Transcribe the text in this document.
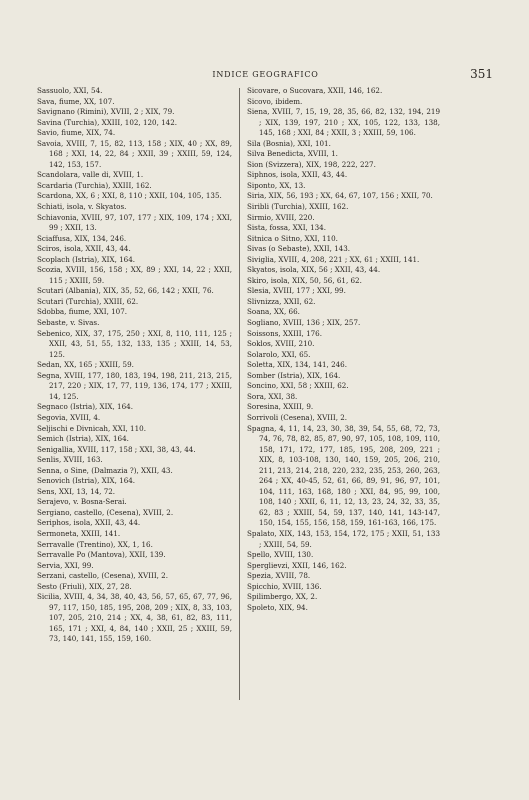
INDICE GEOGRAFICO	351
Sassuolo, XXI, 54.
Sava, fiume, XX, 107.
Savignano (Rimini), XVIII, 2 ; XIX, 79.
Savina (Turchia), XXIII, 102, 120, 142.
Savio, fiume, XIX, 74.
Savoia, XVIII, 7, 15, 82, 113, 158 ; XIX, 40 ; XX, 89, 168 ; XXI, 14, 22, 84 ; XXII, 39 ; XXIII, 59, 124, 142, 153, 157.
Scandolara, valle di, XVIII, 1.
Scardaria (Turchia), XXIII, 162.
Scardona, XX, 6 ; XXI, 8, 110 ; XXII, 104, 105, 135.
Schiati, isola, v. Skyatos.
Schiavonia, XVIII, 97, 107, 177 ; XIX, 109, 174 ; XXI, 99 ; XXII, 13.
Sciaffusa, XIX, 134, 246.
Sciros, isola, XXII, 43, 44.
Scoplach (Istria), XIX, 164.
Scozia, XVIII, 156, 158 ; XX, 89 ; XXI, 14, 22 ; XXII, 115 ; XXIII, 59.
Scutari (Albania), XIX, 35, 52, 66, 142 ; XXII, 76.
Scutari (Turchia), XXIII, 62.
Sdobba, fiume, XXI, 107.
Sebaste, v. Sivas.
Sebenico, XIX, 37, 175, 250 ; XXI, 8, 110, 111, 125 ; XXII, 43, 51, 55, 132, 133, 135 ; XXIII, 14, 53, 125.
Sedan, XX, 165 ; XXIII, 59.
Segna, XVIII, 177, 180, 183, 194, 198, 211, 213, 215, 217, 220 ; XIX, 17, 77, 119, 136, 174, 177 ; XXIII, 14, 125.
Segnaco (Istria), XIX, 164.
Segovia, XVIII, 4.
Seljischi e Divnicah, XXI, 110.
Semich (Istria), XIX, 164.
Senigallia, XVIII, 117, 158 ; XXI, 38, 43, 44.
Senlis, XVIII, 163.
Senna, o Sine, (Dalmazia ?), XXII, 43.
Senovich (Istria), XIX, 164.
Sens, XXI, 13, 14, 72.
Serajevo, v. Bosna-Serai.
Sergiano, castello, (Cesena), XVIII, 2.
Seriphos, isola, XXII, 43, 44.
Sermoneta, XXIII, 141.
Serravalle (Trentino), XX, 1, 16.
Serravalle Po (Mantova), XXII, 139.
Servia, XXI, 99.
Serzani, castello, (Cesena), XVIII, 2.
Sesto (Friuli), XIX, 27, 28.
Sicilia, XVIII, 4, 34, 38, 40, 43, 56, 57, 65, 67, 77, 96, 97, 117, 150, 185, 195, 208, 209 ; XIX, 8, 33, 103, 107, 205, 210, 214 ; XX, 4, 38, 61, 82, 83, 111, 165, 171 ; XXI, 4, 84, 140 ; XXII, 25 ; XXIII, 59, 73, 140, 141, 155, 159, 160.
Sicovare, o Sucovara, XXII, 146, 162.
Sicovo, ibidem.
Siena, XVIII, 7, 15, 19, 28, 35, 66, 82, 132, 194, 219 ; XIX, 139, 197, 210 ; XX, 105, 122, 133, 138, 145, 168 ; XXI, 84 ; XXII, 3 ; XXIII, 59, 106.
Sila (Bosnia), XXI, 101.
Silva Benedicta, XVIII, 1.
Sion (Svizzera), XIX, 198, 222, 227.
Siphnos, isola, XXII, 43, 44.
Siponto, XX, 13.
Siria, XIX, 56, 193 ; XX, 64, 67, 107, 156 ; XXII, 70.
Siribli (Turchia), XXIII, 162.
Sirmio, XVIII, 220.
Sista, fossa, XXI, 134.
Sitnica o Sitno, XXI, 110.
Sivas (o Sebaste), XXII, 143.
Siviglia, XVIII, 4, 208, 221 ; XX, 61 ; XXIII, 141.
Skyatos, isola, XIX, 56 ; XXII, 43, 44.
Skiro, isola, XIX, 50, 56, 61, 62.
Slesia, XVIII, 177 ; XXI, 99.
Slivnizza, XXII, 62.
Soana, XX, 66.
Sogliano, XVIII, 136 ; XIX, 257.
Soissons, XXIII, 176.
Soklos, XVIII, 210.
Solarolo, XXI, 65.
Soletta, XIX, 134, 141, 246.
Somber (Istria), XIX, 164.
Soncino, XXI, 58 ; XXIII, 62.
Sora, XXI, 38.
Soresina, XXIII, 9.
Sorrivoli (Cesena), XVIII, 2.
Spagna, 4, 11, 14, 23, 30, 38, 39, 54, 55, 68, 72, 73, 74, 76, 78, 82, 85, 87, 90, 97, 105, 108, 109, 110, 158, 171, 172, 177, 185, 195, 208, 209, 221 ; XIX, 8, 103-108, 130, 140, 159, 205, 206, 210, 211, 213, 214, 218, 220, 232, 235, 253, 260, 263, 264 ; XX, 40-45, 52, 61, 66, 89, 91, 96, 97, 101, 104, 111, 163, 168, 180 ; XXI, 84, 95, 99, 100, 108, 140 ; XXII, 6, 11, 12, 13, 23, 24, 32, 33, 35, 62, 83 ; XXIII, 54, 59, 137, 140, 141, 143-147, 150, 154, 155, 156, 158, 159, 161-163, 166, 175.
Spalato, XIX, 143, 153, 154, 172, 175 ; XXII, 51, 133 ; XXIII, 54, 59.
Spello, XVIII, 130.
Sperglievzi, XXII, 146, 162.
Spezia, XVIII, 78.
Spicchio, XVIII, 136.
Spilimbergo, XX, 2.
Spoleto, XIX, 94.
